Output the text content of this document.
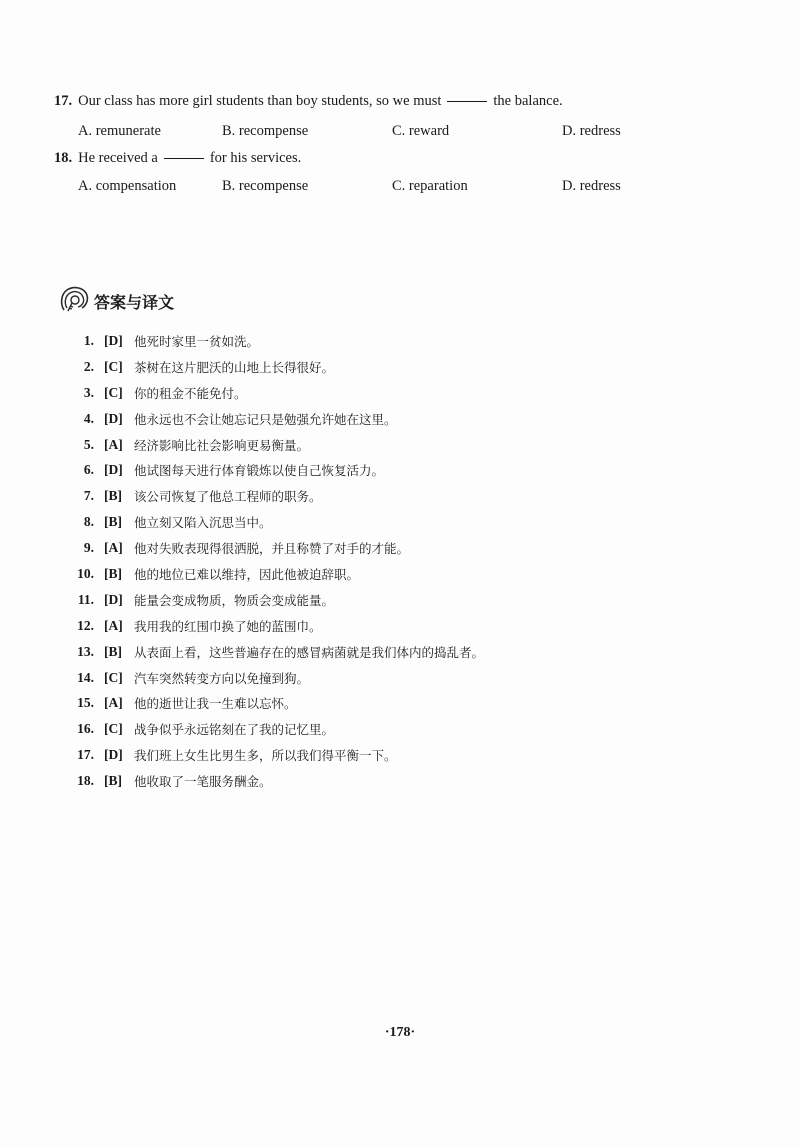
17. Our class has more girl students than boy students, so we must	the balance.
A. remunerate	B. recompense	C. reward	D. redress
18. He received a	for his services.
A. compensation	B. recompense	C. reparation	D. redress
答案与译文
1. [D] 他死时家里一贫如洗。
2. [C] 茶树在这片肥沃的山地上长得很好。
3. [C] 你的租金不能免付。
4. [D] 他永远也不会让她忘记只是勉强允许她在这里。
5. [A] 经济影响比社会影响更易衡量。
6. [D] 他试图每天进行体育锻炼以使自己恢复活力。
7. [B] 该公司恢复了他总工程师的职务。
8. [B] 他立刻又陷入沉思当中。
9. [A] 他对失败表现得很洒脱，并且称赞了对手的才能。
10. [B] 他的地位已难以维持，因此他被迫辞职。
11. [D] 能量会变成物质，物质会变成能量。
12. [A] 我用我的红围巾换了她的蓝围巾。
13. [B] 从表面上看，这些普遍存在的感冒病菌就是我们体内的捣乱者。
14. [C] 汽车突然转变方向以免撞到狗。
15. [A] 他的逝世让我一生难以忘怀。
16. [C] 战争似乎永远铭刻在了我的记忆里。
17. [D] 我们班上女生比男生多，所以我们得平衡一下。
18. [B] 他收取了一笔服务酬金。
·178·
